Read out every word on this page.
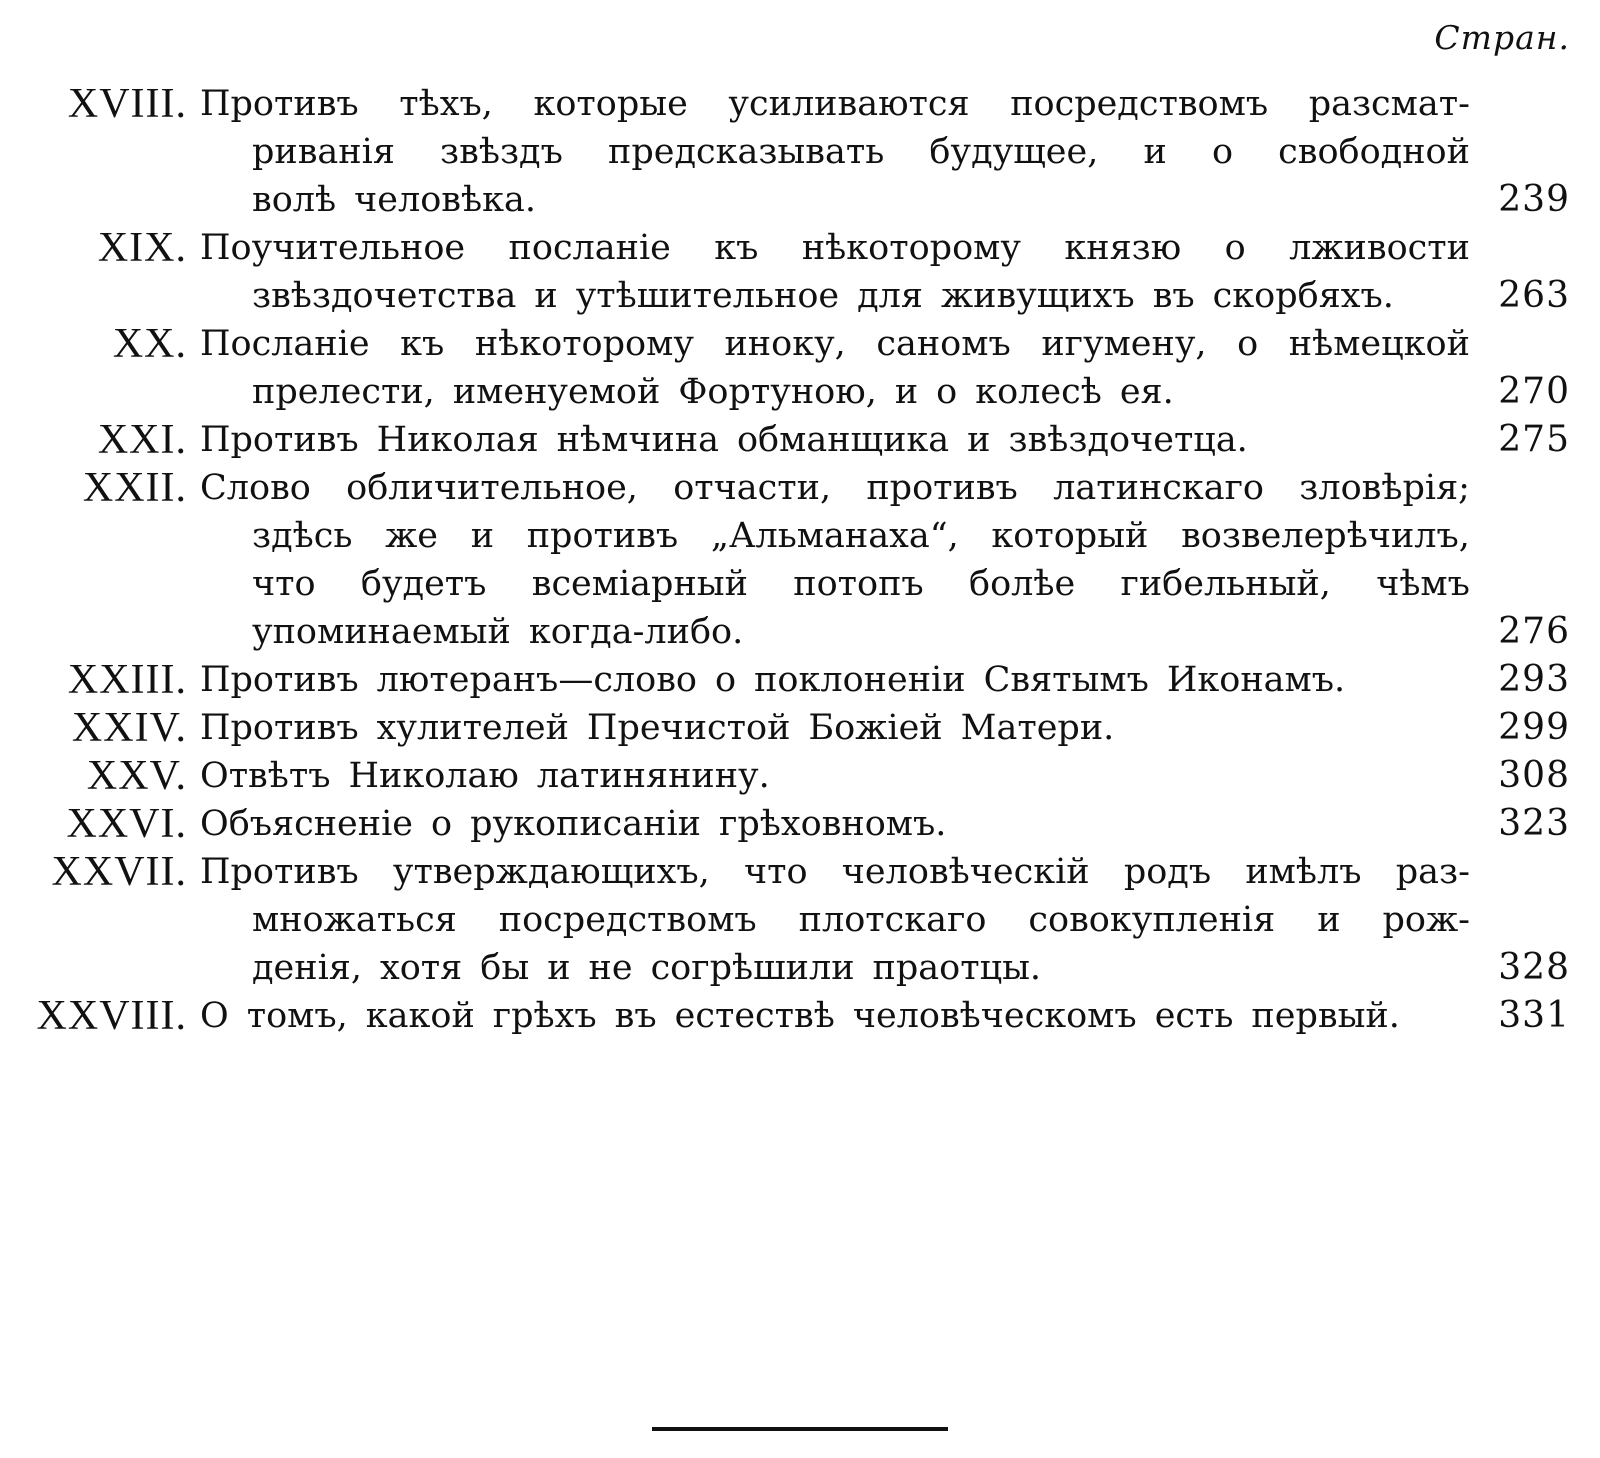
Стран.
XVIII. Противъ тѣхъ, которые усиливаются посредствомъ разсмат-
риванія звѣздъ предсказывать будущее, и о свободной
волѣ человѣка.	239
XIX. Поучительное посланіе къ нѣкоторому князю о лживости
звѣздочетства и утѣшительное для живущихъ въ скорбяхъ.	263
XX. Посланіе къ нѣкоторому иноку, саномъ игумену, о нѣмецкой
прелести, именуемой Фортуною, и о колесѣ ея.	270
XXI. Противъ Николая нѣмчина обманщика и звѣздочетца.	275
XXII. Слово обличительное, отчасти, противъ латинскаго зловѣрія;
здѣсь же и противъ „Альманаха“, который возвелерѣчилъ,
что будетъ всеміарный потопъ болѣе гибельный, чѣмъ
упоминаемый когда-либо.	276
XXIII. Противъ лютеранъ—слово о поклоненіи Святымъ Иконамъ.	293
XXIV. Противъ хулителей Пречистой Божіей Матери.	299
XXV. Отвѣтъ Николаю латинянину.	308
XXVI. Объясненіе о рукописаніи грѣховномъ.	323
XXVII. Противъ утверждающихъ, что человѣческій родъ имѣлъ раз-
множаться посредствомъ плотскаго совокупленія и рож-
денія, хотя бы и не согрѣшили праотцы.	328
XXVIII. О томъ, какой грѣхъ въ естествѣ человѣческомъ есть первый.	331
